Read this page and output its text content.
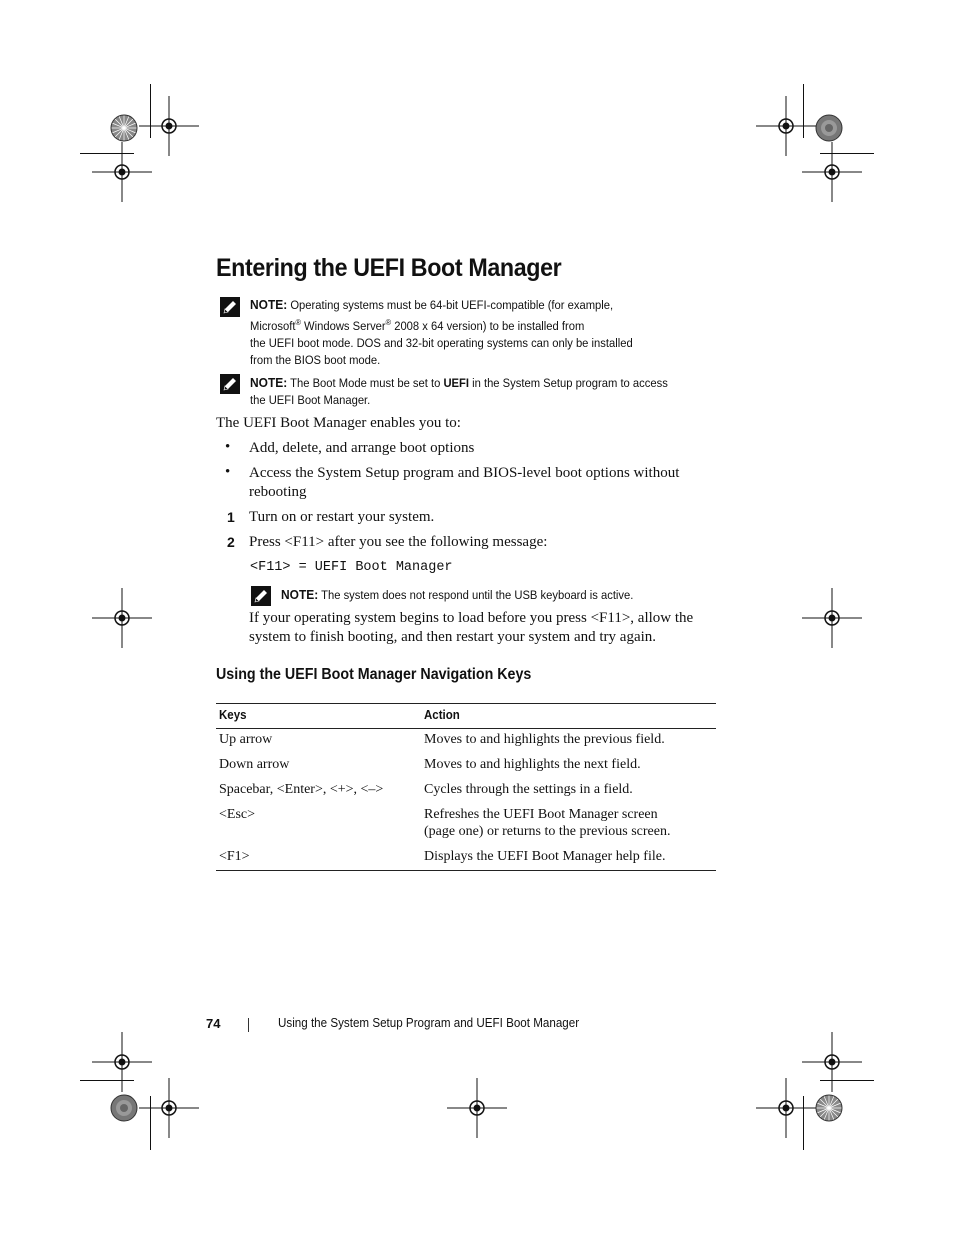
Entering the UEFI Boot Manager
NOTE: Operating systems must be 64-bit UEFI-compatible (for example,
Microsoft® Windows Server® 2008 x 64 version) to be installed from
the UEFI boot mode. DOS and 32-bit operating systems can only be installed
from the BIOS boot mode.
NOTE: The Boot Mode must be set to UEFI in the System Setup program to access
the UEFI Boot Manager.
The UEFI Boot Manager enables you to:
• Add, delete, and arrange boot options
• Access the System Setup program and BIOS-level boot options without
rebooting
1 Turn on or restart your system.
2 Press <F11> after you see the following message:
<F11> = UEFI Boot Manager
NOTE: The system does not respond until the USB keyboard is active.
If your operating system begins to load before you press <F11>, allow the
system to finish booting, and then restart your system and try again.
Using the UEFI Boot Manager Navigation Keys
Keys	Action
Up arrow	Moves to and highlights the previous field.
Down arrow	Moves to and highlights the next field.
Spacebar, <Enter>, <+>, <–>	Cycles through the settings in a field.
<Esc>	Refreshes the UEFI Boot Manager screen
(page one) or returns to the previous screen.
<F1>	Displays the UEFI Boot Manager help file.
74	Using the System Setup Program and UEFI Boot Manager
